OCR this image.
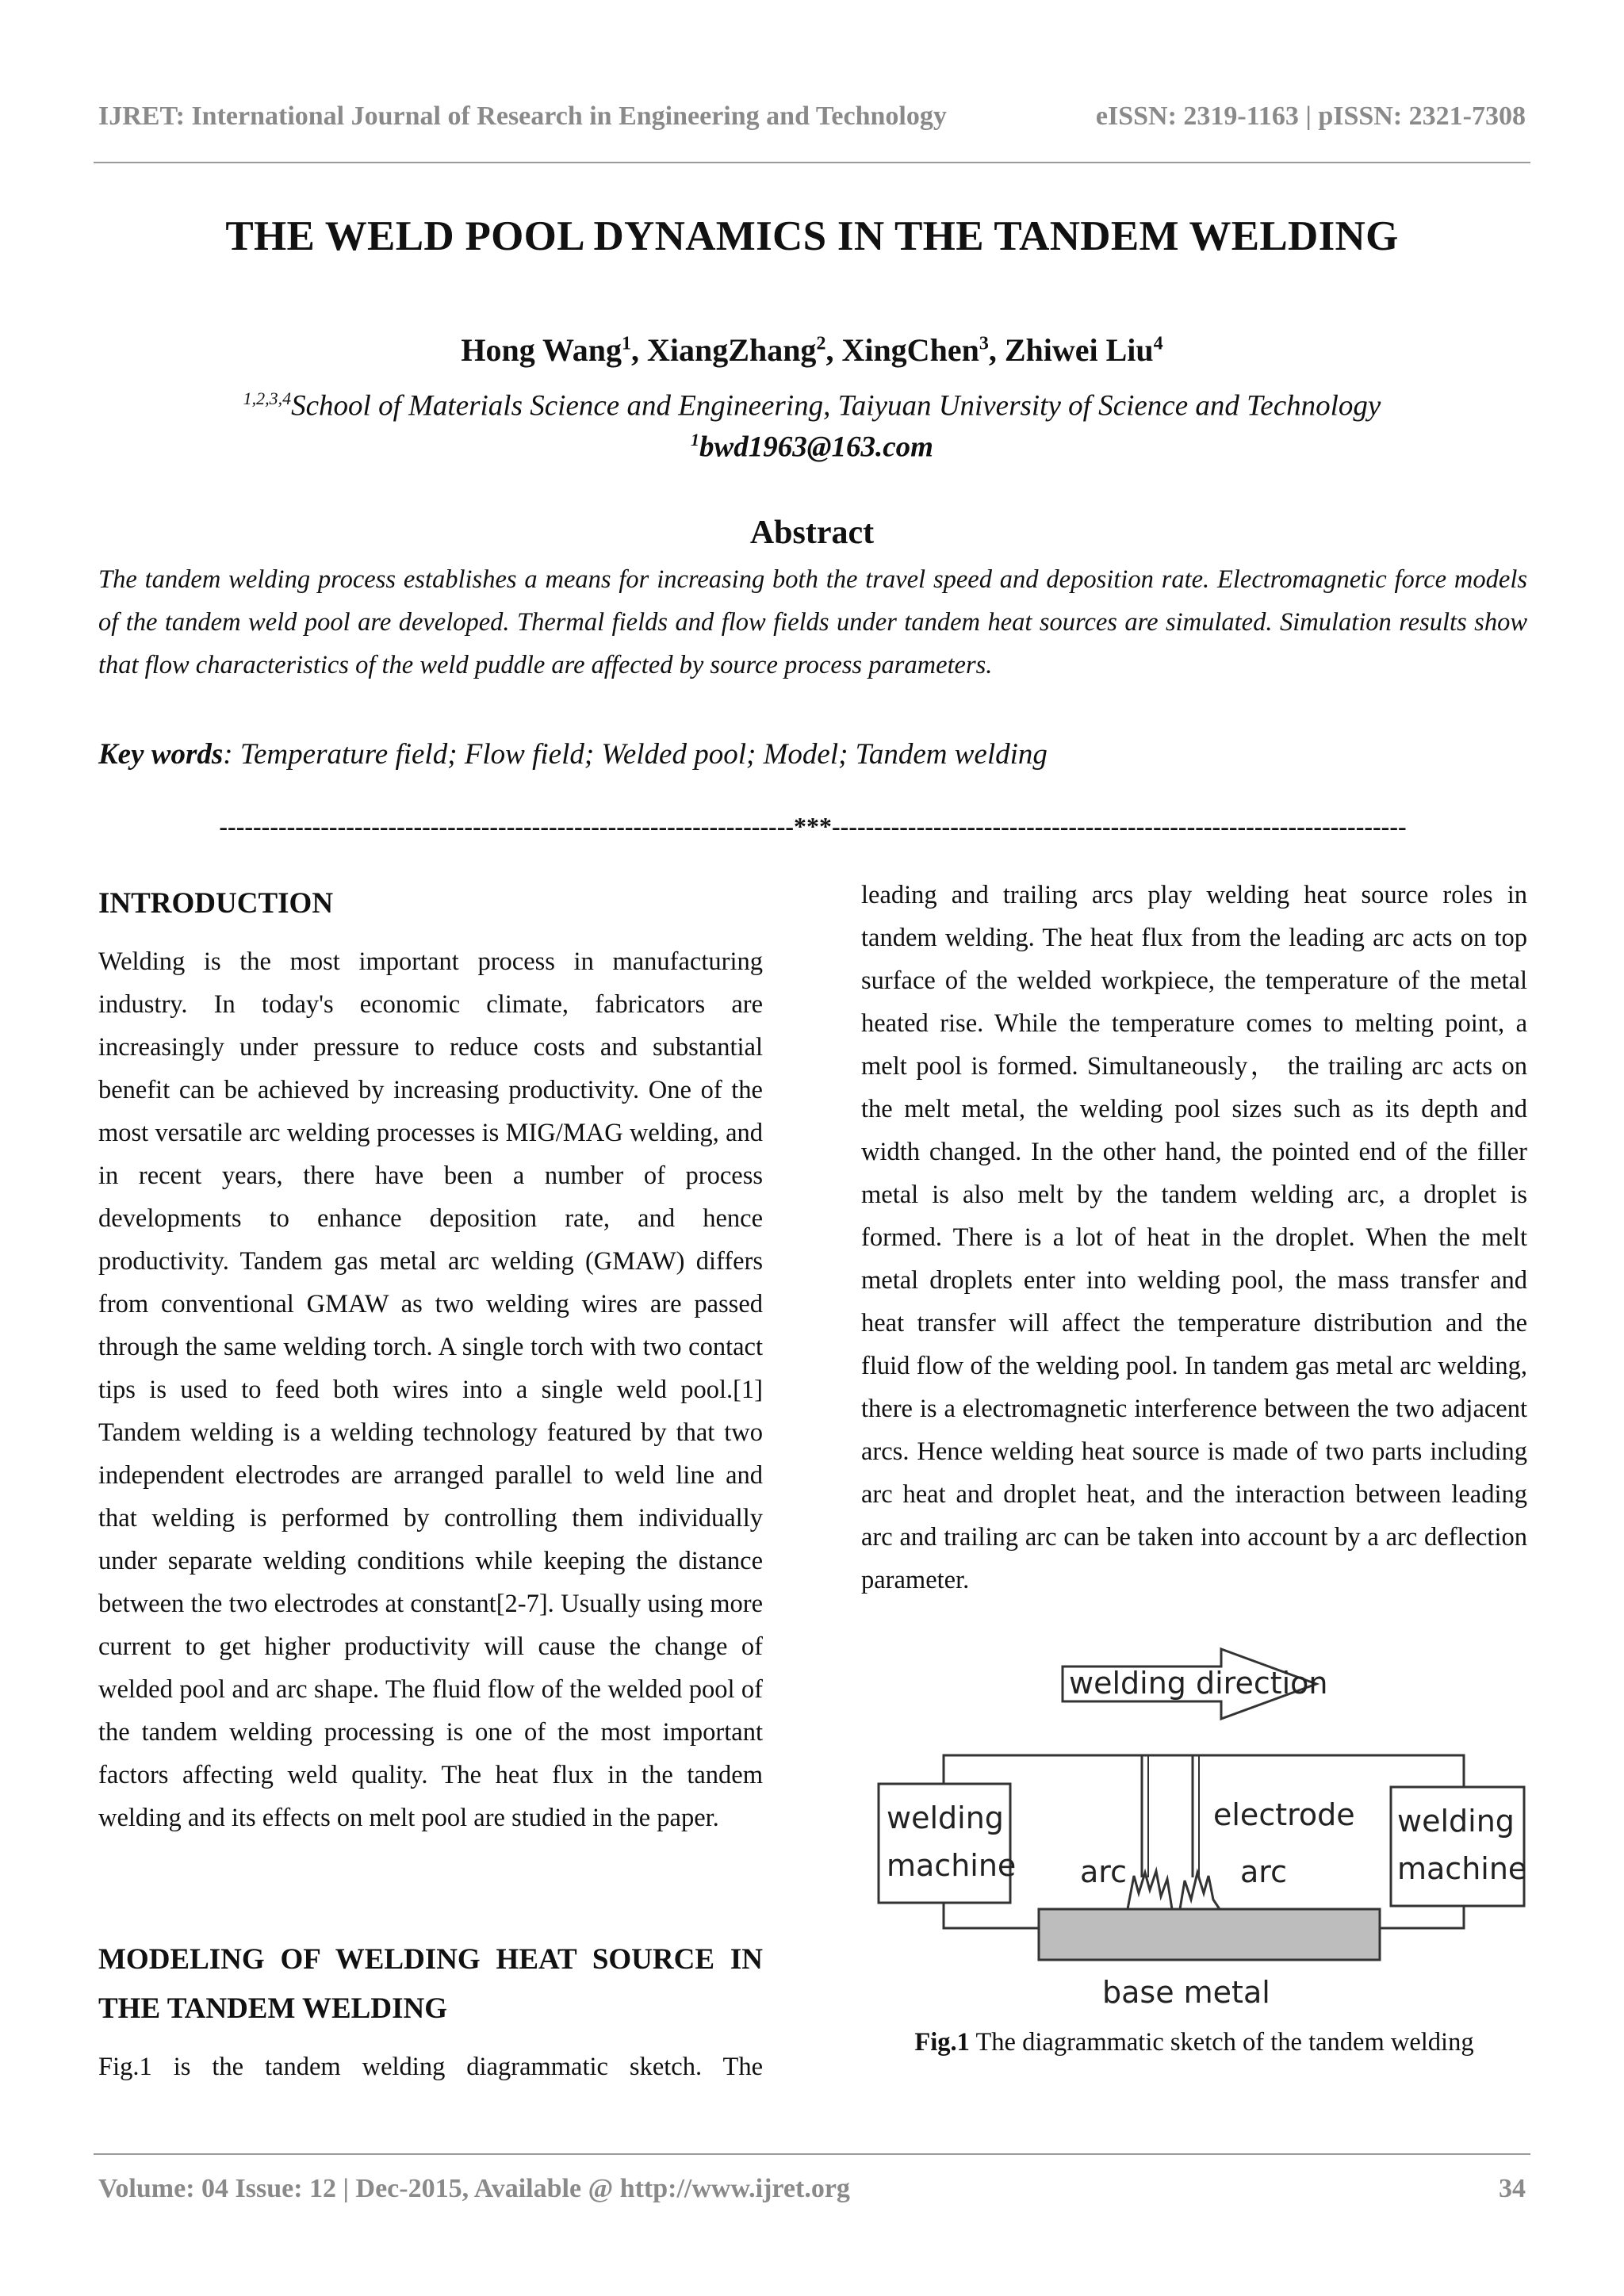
IJRET: International Journal of Research in Engineering and Technology	eISSN: 2319-1163 | pISSN: 2321-7308
THE WELD POOL DYNAMICS IN THE TANDEM WELDING
Hong Wang$^1$, XiangZhang$^2$, XingChen$^3$, Zhiwei Liu$^4$
$^{1,2,3,4}$School of Materials Science and Engineering, Taiyuan University of Science and Technology
$^1$bwd1963@163.com
Abstract

The tandem welding process establishes a means for increasing both the travel speed and deposition rate. Electromagnetic force models of the tandem weld pool are developed. Thermal fields and flow fields under tandem heat sources are simulated. Simulation results show that flow characteristics of the weld puddle are affected by source process parameters.

Key words: Temperature field; Flow field; Welded pool; Model; Tandem welding
--------------------------------------------------------------------***--------------------------------------------------------------------
INTRODUCTION

Welding is the most important process in manufacturing industry. In today's economic climate, fabricators are increasingly under pressure to reduce costs and substantial benefit can be achieved by increasing productivity. One of the most versatile arc welding processes is MIG/MAG welding, and in recent years, there have been a number of process developments to enhance deposition rate, and hence productivity. Tandem gas metal arc welding (GMAW) differs from conventional GMAW as two welding wires are passed through the same welding torch. A single torch with two contact tips is used to feed both wires into a single weld pool.[1] Tandem welding is a welding technology featured by that two independent electrodes are arranged parallel to weld line and that welding is performed by controlling them individually under separate welding conditions while keeping the distance between the two electrodes at constant[2-7]. Usually using more current to get higher productivity will cause the change of welded pool and arc shape. The fluid flow of the welded pool of the tandem welding processing is one of the most important factors affecting weld quality. The heat flux in the tandem welding and its effects on melt pool are studied in the paper.

MODELING OF WELDING HEAT SOURCE IN
THE TANDEM WELDING

Fig.1 is the tandem welding diagrammatic sketch. The

leading and trailing arcs play welding heat source roles in tandem welding. The heat flux from the leading arc acts on top surface of the welded workpiece, the temperature of the metal heated rise. While the temperature comes to melting point, a melt pool is formed. Simultaneously， the trailing arc acts on the melt metal, the welding pool sizes such as its depth and width changed. In the other hand, the pointed end of the filler metal is also melt by the tandem welding arc, a droplet is formed. There is a lot of heat in the droplet. When the melt metal droplets enter into welding pool, the mass transfer and heat transfer will affect the temperature distribution and the fluid flow of the welding pool. In tandem gas metal arc welding, there is a electromagnetic interference between the two adjacent arcs. Hence welding heat source is made of two parts including arc heat and droplet heat, and the interaction between leading arc and trailing arc can be taken into account by a arc deflection parameter.

welding direction
welding
machine
welding
machine
electrode
arc	arc
base metal
Fig.1 The diagrammatic sketch of the tandem welding
Volume: 04 Issue: 12 | Dec-2015, Available @ http://www.ijret.org	34
